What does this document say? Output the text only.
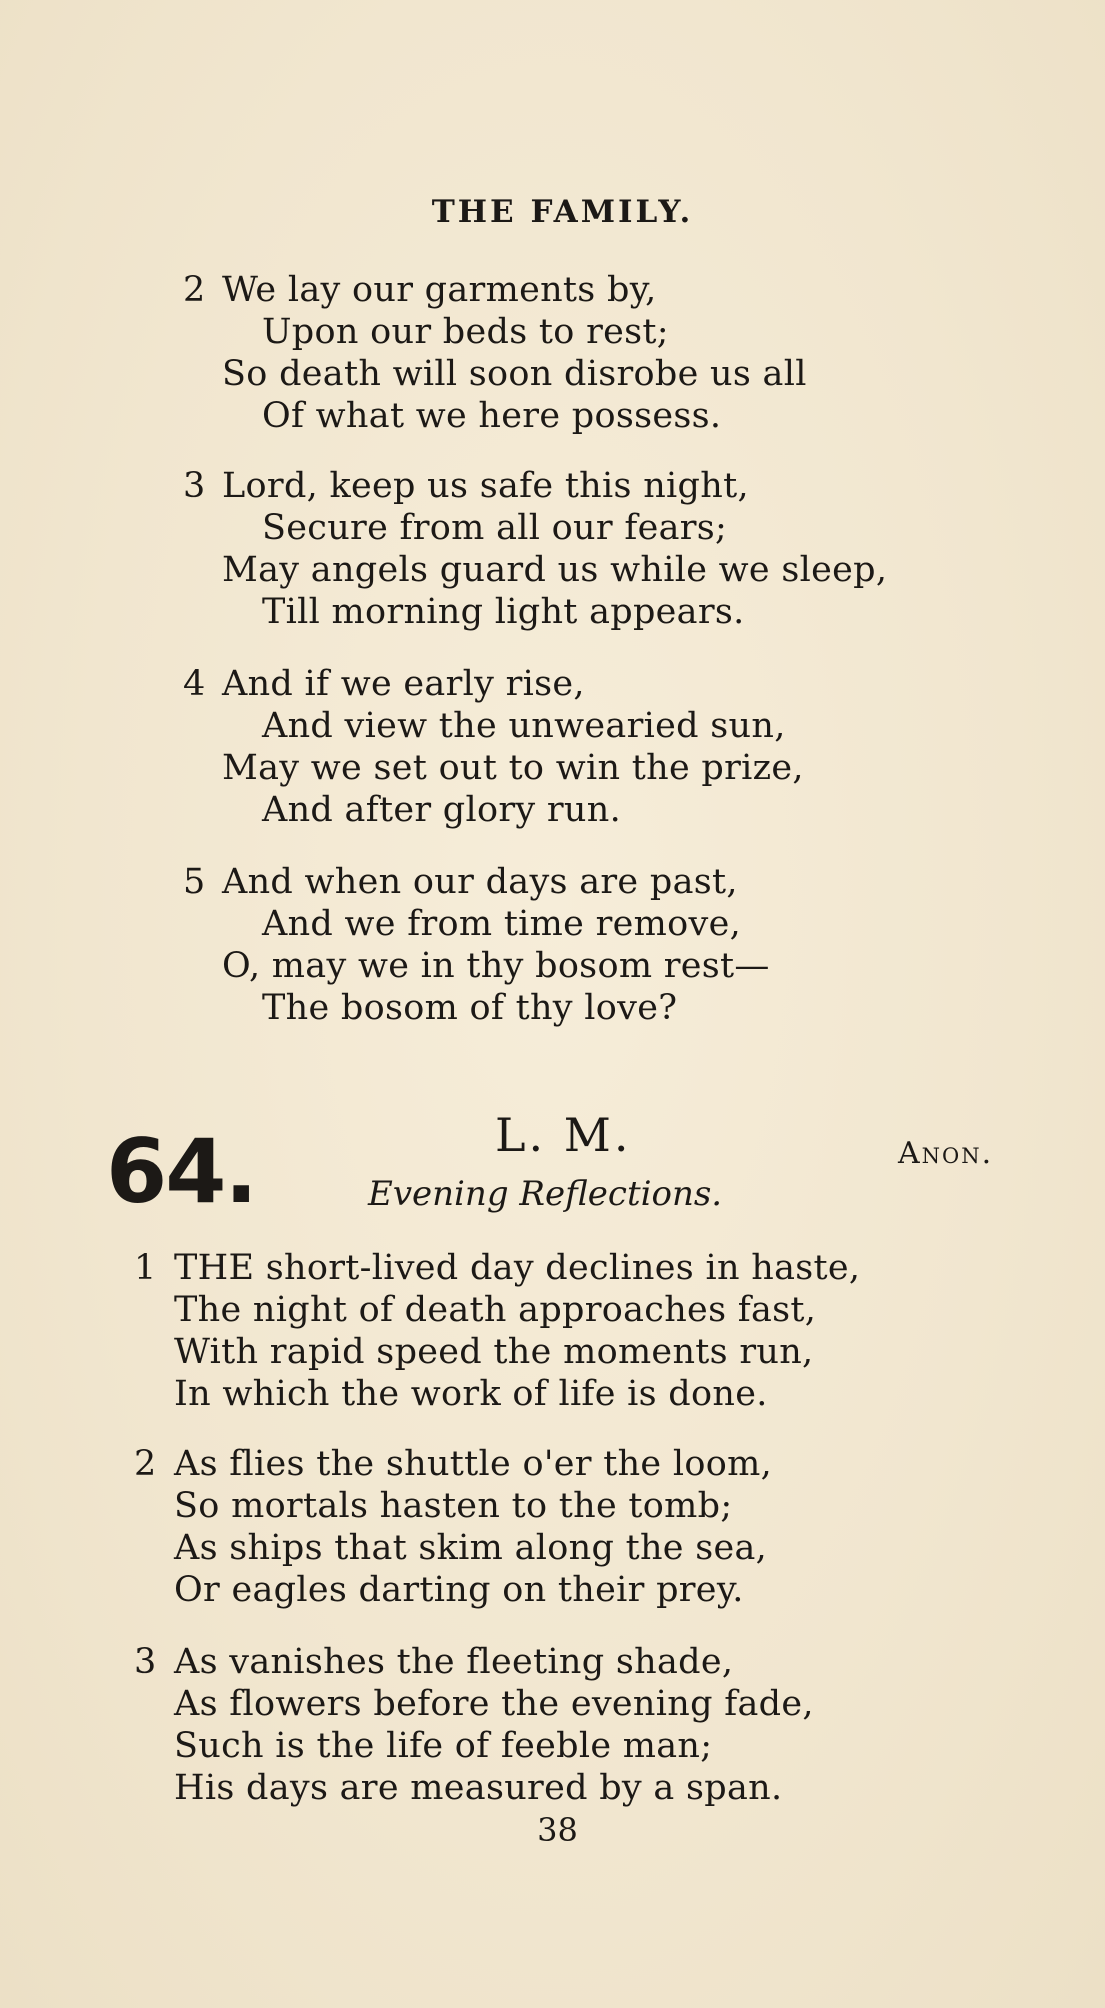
THE FAMILY.
2 We lay our garments by,
Upon our beds to rest;
So death will soon disrobe us all
Of what we here possess.
3 Lord, keep us safe this night,
Secure from all our fears;
May angels guard us while we sleep,
Till morning light appears.
4 And if we early rise,
And view the unwearied sun,
May we set out to win the prize,
And after glory run.
5 And when our days are past,
And we from time remove,
O, may we in thy bosom rest—
The bosom of thy love?
64.	L. M.	Anon.
Evening Reflections.
1 THE short-lived day declines in haste,
The night of death approaches fast,
With rapid speed the moments run,
In which the work of life is done.
2 As flies the shuttle o'er the loom,
So mortals hasten to the tomb;
As ships that skim along the sea,
Or eagles darting on their prey.
3 As vanishes the fleeting shade,
As flowers before the evening fade,
Such is the life of feeble man;
His days are measured by a span.
38
